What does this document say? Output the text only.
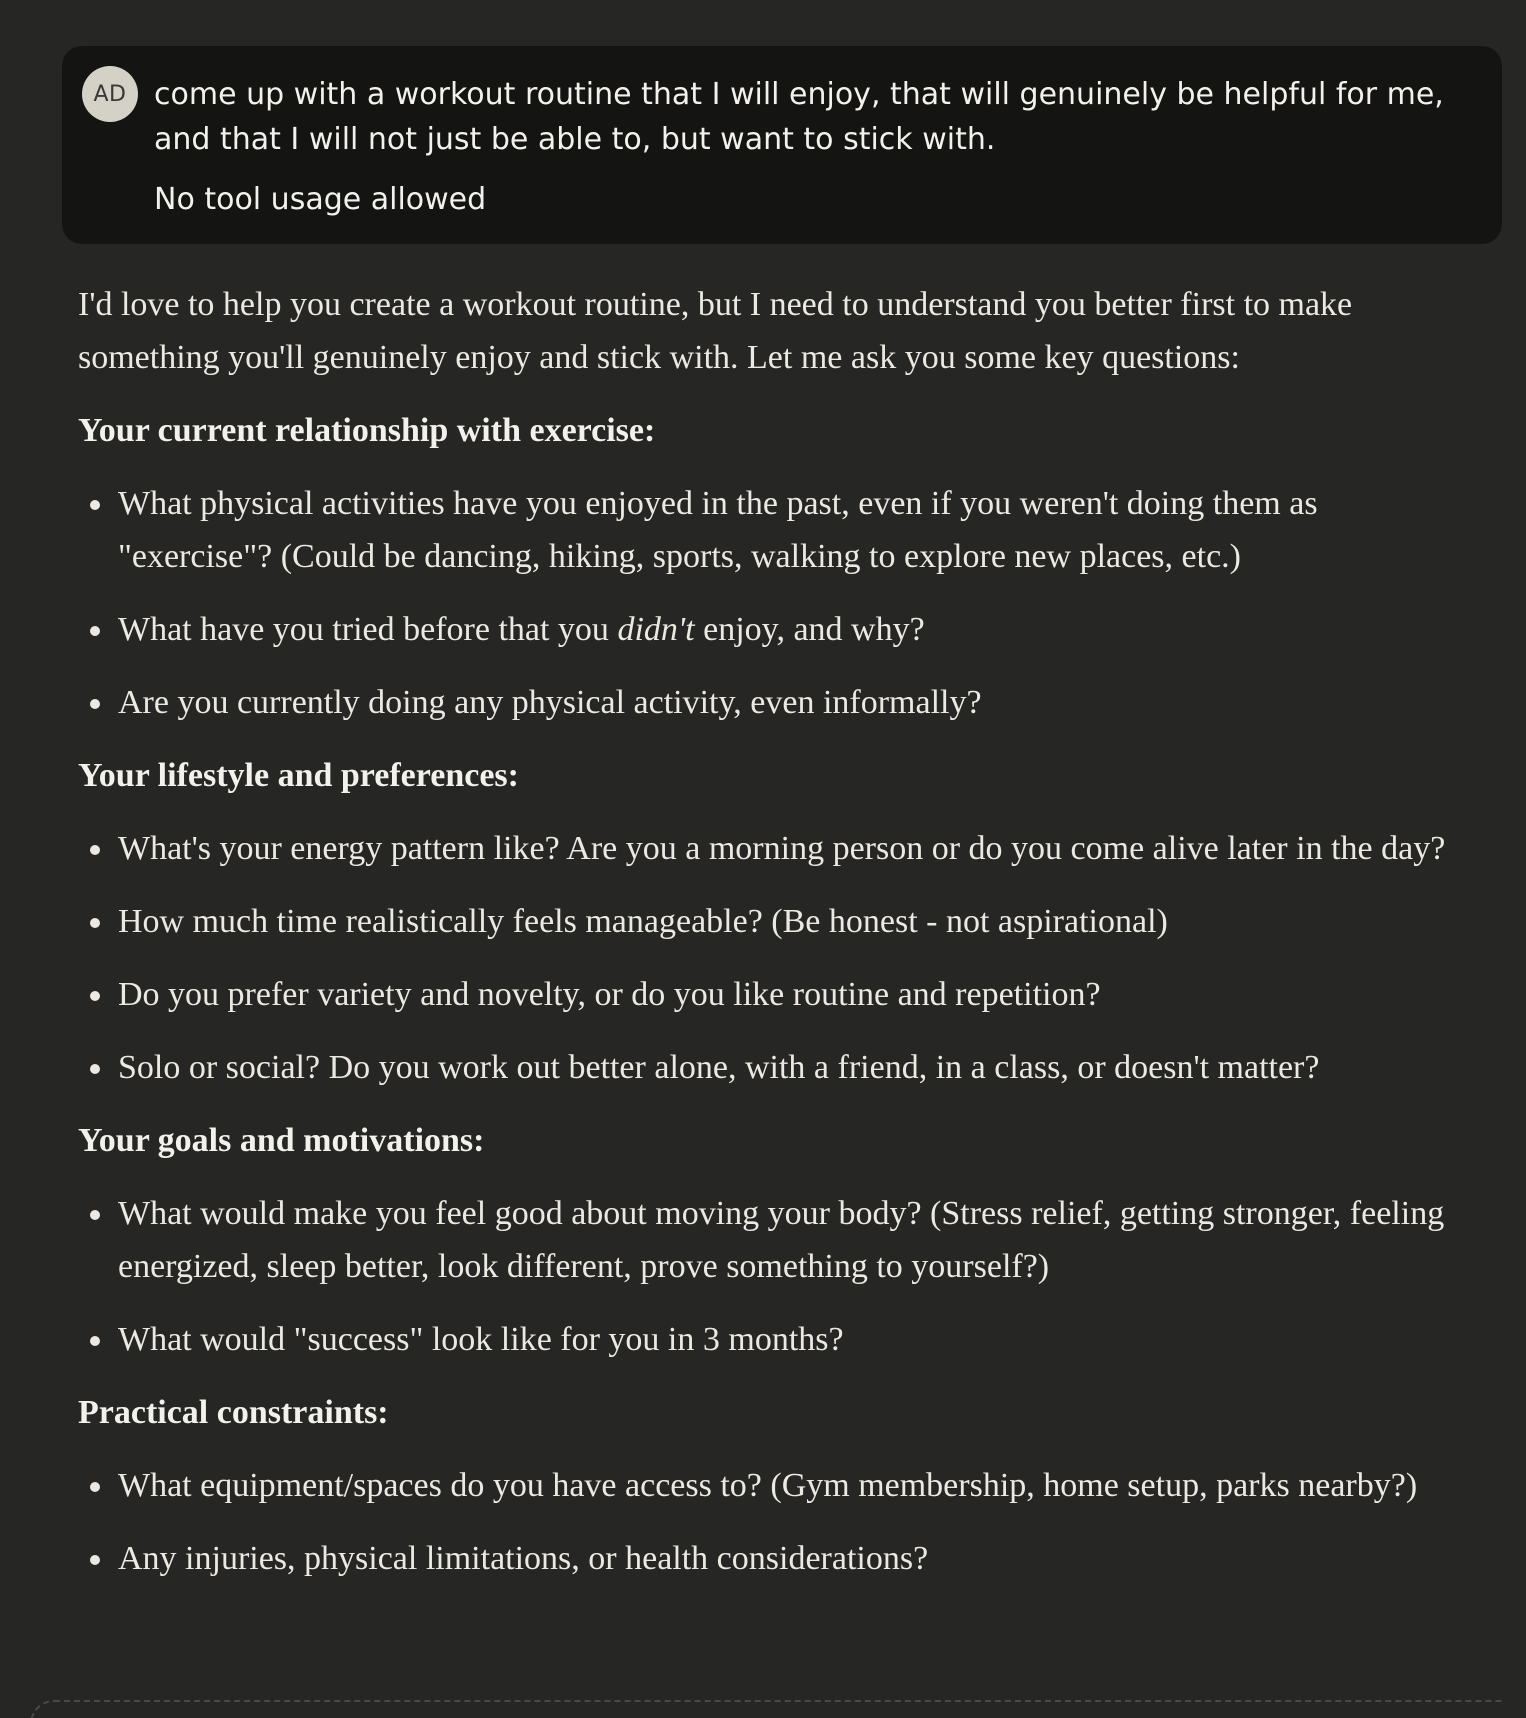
AD come up with a workout routine that I will enjoy, that will genuinely be helpful for me, and that I will not just be able to, but want to stick with.

No tool usage allowed

I'd love to help you create a workout routine, but I need to understand you better first to make something you'll genuinely enjoy and stick with. Let me ask you some key questions:

Your current relationship with exercise:
What physical activities have you enjoyed in the past, even if you weren't doing them as "exercise"? (Could be dancing, hiking, sports, walking to explore new places, etc.)
What have you tried before that you didn't enjoy, and why?
Are you currently doing any physical activity, even informally?
Your lifestyle and preferences:
What's your energy pattern like? Are you a morning person or do you come alive later in the day?
How much time realistically feels manageable? (Be honest - not aspirational)
Do you prefer variety and novelty, or do you like routine and repetition?
Solo or social? Do you work out better alone, with a friend, in a class, or doesn't matter?
Your goals and motivations:
What would make you feel good about moving your body? (Stress relief, getting stronger, feeling energized, sleep better, look different, prove something to yourself?)
What would "success" look like for you in 3 months?
Practical constraints:
What equipment/spaces do you have access to? (Gym membership, home setup, parks nearby?)
Any injuries, physical limitations, or health considerations?
